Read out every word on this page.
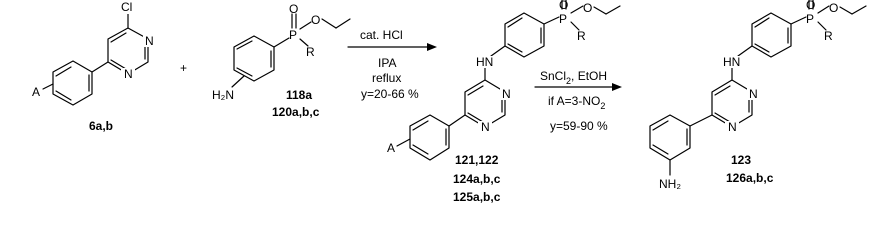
Cl
N
N
A
6a,b
+
O
O
P
R
H₂N	118a
120a,b,c
cat. HCl
IPA
reflux
y=20-66 %
O O
P
R
HN
N
N
A
121,122
124a,b,c
125a,b,c
SnCl$_2$, EtOH
if $A=3-NO_2$
y=59-90 %
O O
P
R
HN
N
N
NH₂
123
126a,b,c
